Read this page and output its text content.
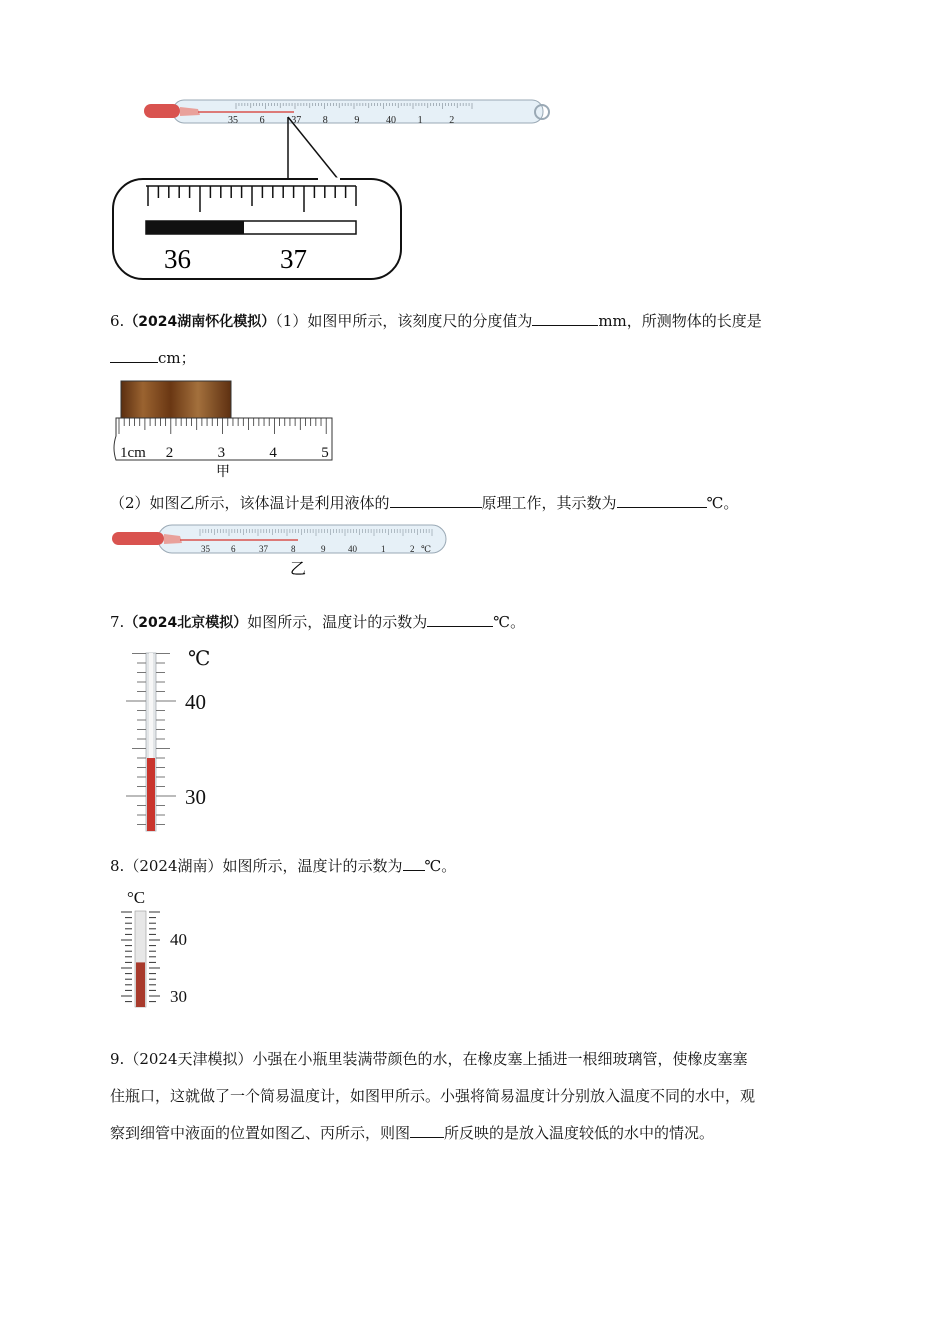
35 6	37 8	9	40 1	2
36	37
6.（2024湖南怀化模拟）（1）如图甲所示，该刻度尺的分度值为	mm，所测物体的长度是
cm；
1cm 2	3	4	5
甲
（2）如图乙所示，该体温计是利用液体的	原理工作，其示数为	℃。
35 6	37	8	9	40	1	2 ℃
乙
7.（2024北京模拟）如图所示，温度计的示数为	℃。
℃
40
30
8.（2024湖南）如图所示，温度计的示数为 ℃。
°C
40
30
9.（2024天津模拟）小强在小瓶里装满带颜色的水，在橡皮塞上插进一根细玻璃管，使橡皮塞塞
住瓶口，这就做了一个简易温度计，如图甲所示。小强将简易温度计分别放入温度不同的水中，观
察到细管中液面的位置如图乙、丙所示，则图 所反映的是放入温度较低的水中的情况。
